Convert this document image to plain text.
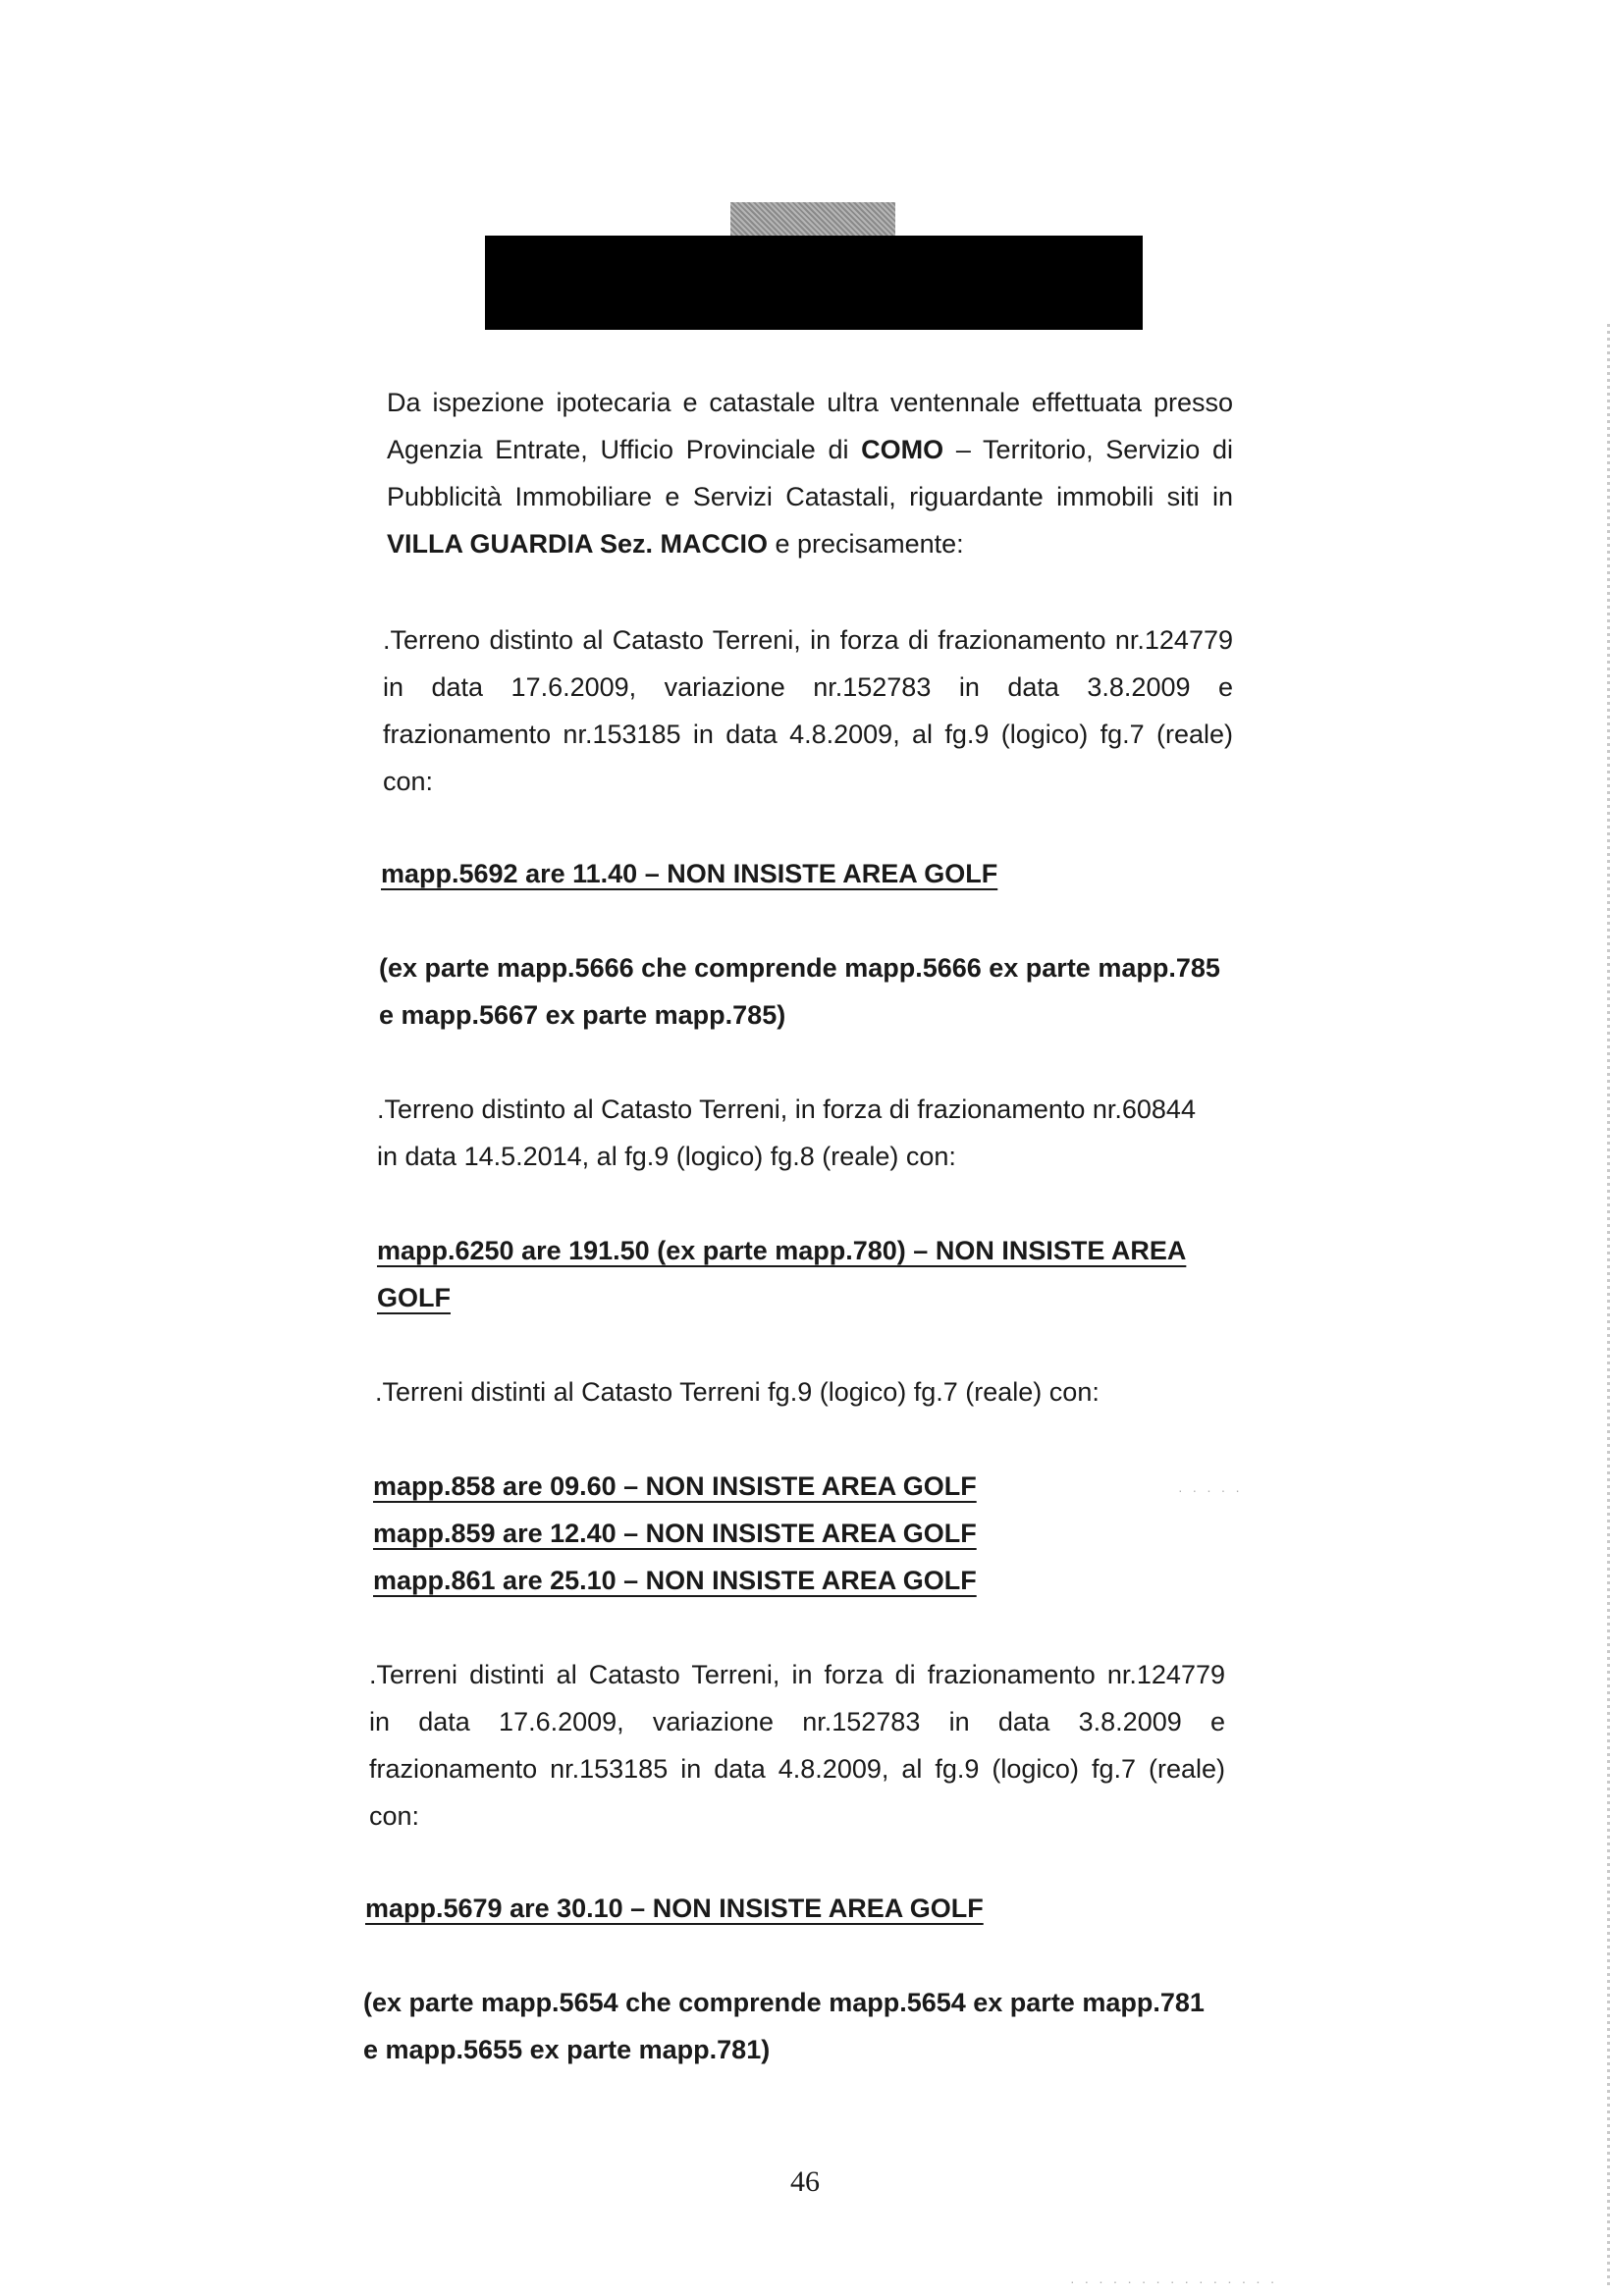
Da ispezione ipotecaria e catastale ultra ventennale effettuata presso
Agenzia Entrate, Ufficio Provinciale di COMO – Territorio, Servizio di
Pubblicità Immobiliare e Servizi Catastali, riguardante immobili siti in
VILLA GUARDIA Sez. MACCIO e precisamente:
.Terreno distinto al Catasto Terreni, in forza di frazionamento nr.124779
in data 17.6.2009, variazione nr.152783 in data 3.8.2009 e
frazionamento nr.153185 in data 4.8.2009, al fg.9 (logico) fg.7 (reale)
con:
mapp.5692 are 11.40 – NON INSISTE AREA GOLF
(ex parte mapp.5666 che comprende mapp.5666 ex parte mapp.785
e mapp.5667 ex parte mapp.785)
.Terreno distinto al Catasto Terreni, in forza di frazionamento nr.60844
in data 14.5.2014, al fg.9 (logico) fg.8 (reale) con:
mapp.6250 are 191.50 (ex parte mapp.780) – NON INSISTE AREA
GOLF
.Terreni distinti al Catasto Terreni fg.9 (logico) fg.7 (reale) con:
mapp.858 are 09.60 – NON INSISTE AREA GOLF
mapp.859 are 12.40 – NON INSISTE AREA GOLF
mapp.861 are 25.10 – NON INSISTE AREA GOLF
.Terreni distinti al Catasto Terreni, in forza di frazionamento nr.124779
in data 17.6.2009, variazione nr.152783 in data 3.8.2009 e
frazionamento nr.153185 in data 4.8.2009, al fg.9 (logico) fg.7 (reale)
con:
mapp.5679 are 30.10 – NON INSISTE AREA GOLF
(ex parte mapp.5654 che comprende mapp.5654 ex parte mapp.781
e mapp.5655 ex parte mapp.781)
46
· · · · ·
· · · · · · · · · · · · · · ·
